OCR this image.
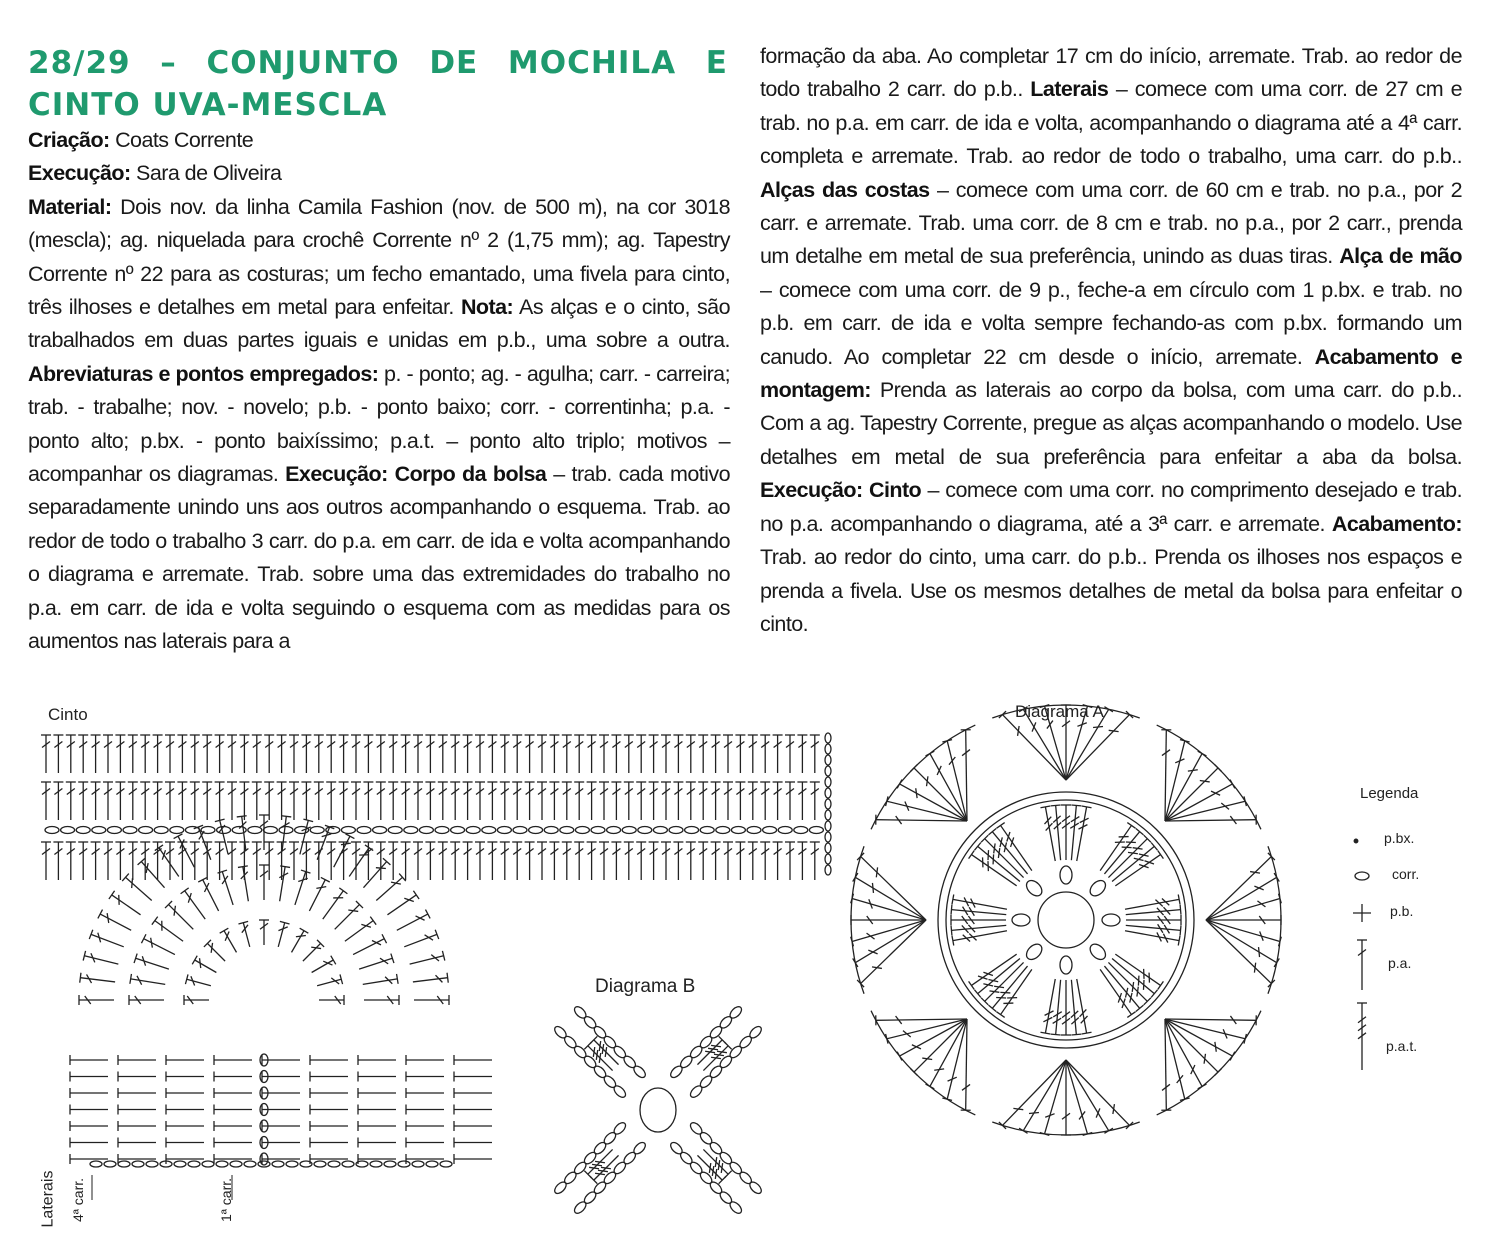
28/29 – CONJUNTO DE MOCHILA E
CINTO UVA-MESCLA

Criação: Coats Corrente

Execução: Sara de Oliveira

Material: Dois nov. da linha Camila Fashion (nov. de 500 m), na cor 3018 (mescla); ag. niquelada para crochê Corrente nº 2 (1,75 mm); ag. Tapestry Corrente nº 22 para as costuras; um fecho emantado, uma fivela para cinto, três ilhoses e detalhes em metal para enfeitar. Nota: As alças e o cinto, são trabalhados em duas partes iguais e unidas em p.b., uma sobre a outra. Abreviaturas e pontos empregados: p. - ponto; ag. - agulha; carr. - carreira; trab. - trabalhe; nov. - novelo; p.b. - ponto baixo; corr. - correntinha; p.a. - ponto alto; p.bx. - ponto baixíssimo; p.a.t. – ponto alto triplo; motivos – acompanhar os diagramas. Execução: Corpo da bolsa – trab. cada motivo separadamente unindo uns aos outros acompanhando o esquema. Trab. ao redor de todo o trabalho 3 carr. do p.a. em carr. de ida e volta acompanhando o diagrama e arremate. Trab. sobre uma das extremidades do trabalho no p.a. em carr. de ida e volta seguindo o esquema com as medidas para os aumentos nas laterais para a

formação da aba. Ao completar 17 cm do início, arremate. Trab. ao redor de todo trabalho 2 carr. do p.b.. Laterais – comece com uma corr. de 27 cm e trab. no p.a. em carr. de ida e volta, acompanhando o diagrama até a 4ª carr. completa e arremate. Trab. ao redor de todo o trabalho, uma carr. do p.b.. Alças das costas – comece com uma corr. de 60 cm e trab. no p.a., por 2 carr. e arremate. Trab. uma corr. de 8 cm e trab. no p.a., por 2 carr., prenda um detalhe em metal de sua preferência, unindo as duas tiras. Alça de mão – comece com uma corr. de 9 p., feche-a em círculo com 1 p.bx. e trab. no p.b. em carr. de ida e volta sempre fechando-as com p.bx. formando um canudo. Ao completar 22 cm desde o início, arremate. Acabamento e montagem: Prenda as laterais ao corpo da bolsa, com uma carr. do p.b.. Com a ag. Tapestry Corrente, pregue as alças acompanhando o modelo. Use detalhes em metal de sua preferência para enfeitar a aba da bolsa. Execução: Cinto – comece com uma corr. no comprimento desejado e trab. no p.a. acompanhando o diagrama, até a 3ª carr. e arremate. Acabamento: Trab. ao redor do cinto, uma carr. do p.b.. Prenda os ilhoses nos espaços e prenda a fivela. Use os mesmos detalhes de metal da bolsa para enfeitar o cinto.

Cinto	Diagrama A
Diagrama B
Laterais 4ª carr.	1ª carr.
Legenda
p.bx.
corr.
p.b.
p.a.
p.a.t.
